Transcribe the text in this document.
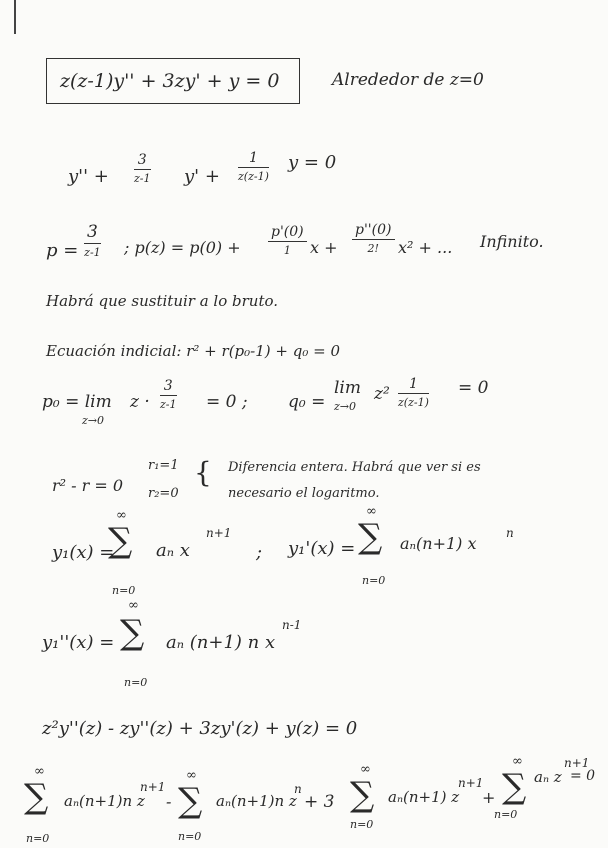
z(z-1)y'' + 3zy' + y = 0	Alrededor de z=0
y'' +
3
z-1 y' +
1
z(z-1)
y = 0
p =
3
z-1 ; p(z) = p(0) +
p'(0)
1	x +
p''(0)
2!	x² + ... Infinito.
Habrá que sustituir a lo bruto.
Ecuación indicial: r² + r(p₀-1) + q₀ = 0
p₀ = lim
z→0
z ·
3
z-1 = 0 ; q₀ =
lim
z→0
z²	1
z(z-1)
= 0
r² - r = 0
r₁=1
r₂=0
{ Diferencia entera. Habrá que ver si es
necesario el logaritmo.
y₁(x) =
∞
∑
n=0
aₙ x
n+1
; y₁'(x) =
∞
∑
n=0
aₙ(n+1) x
n
y₁''(x) =
∞
∑
n=0
aₙ (n+1) n x
n-1
z²y''(z) - zy''(z) + 3zy'(z) + y(z) = 0
∞
∑
n=0
aₙ(n+1)n z
n+1
-
∞
∑
n=0
aₙ(n+1)n z
n
+ 3
∞
∑
n=0
aₙ(n+1) z
n+1
+
∞
∑
n=0
aₙ z
n+1
= 0
